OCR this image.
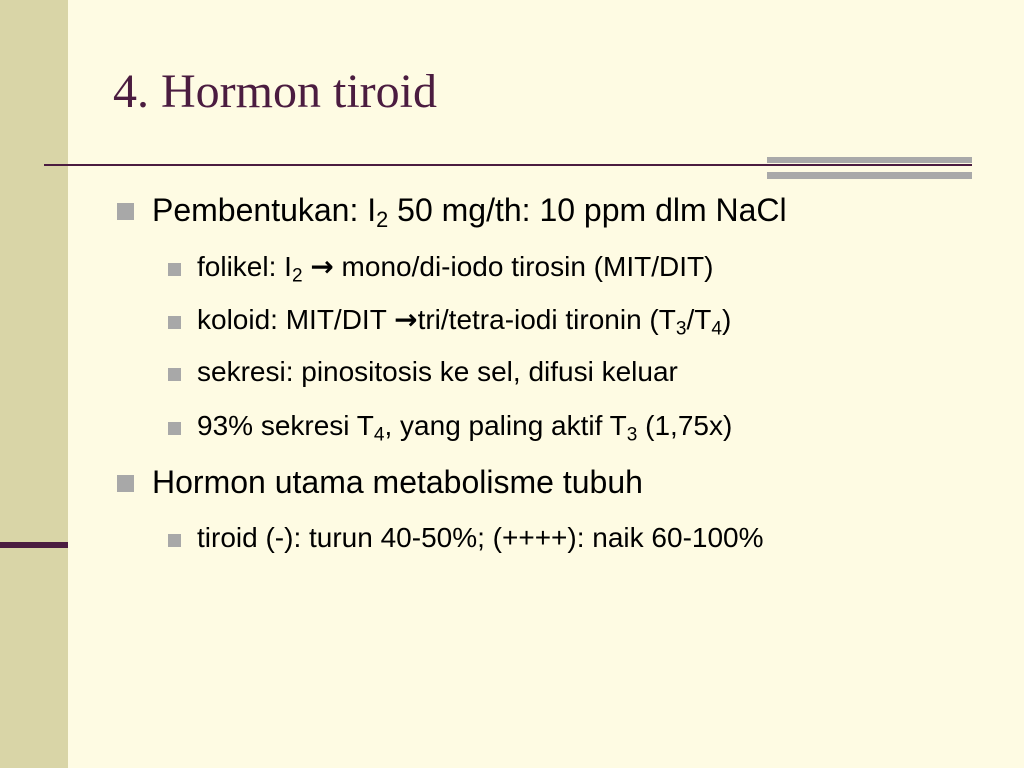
4. Hormon tiroid
Pembentukan: $I_2$ 50 mg/th: 10 ppm dlm NaCl
folikel: $I_2$ → mono/di-iodo tirosin (MIT/DIT)
koloid: MIT/DIT →tri/tetra-iodi tironin $(T_3/T_4)$
sekresi: pinositosis ke sel, difusi keluar
93% sekresi $T_4$, yang paling aktif $T_3$ (1,75x)
Hormon utama metabolisme tubuh
tiroid (-): turun 40-50%; (++++): naik 60-100%
